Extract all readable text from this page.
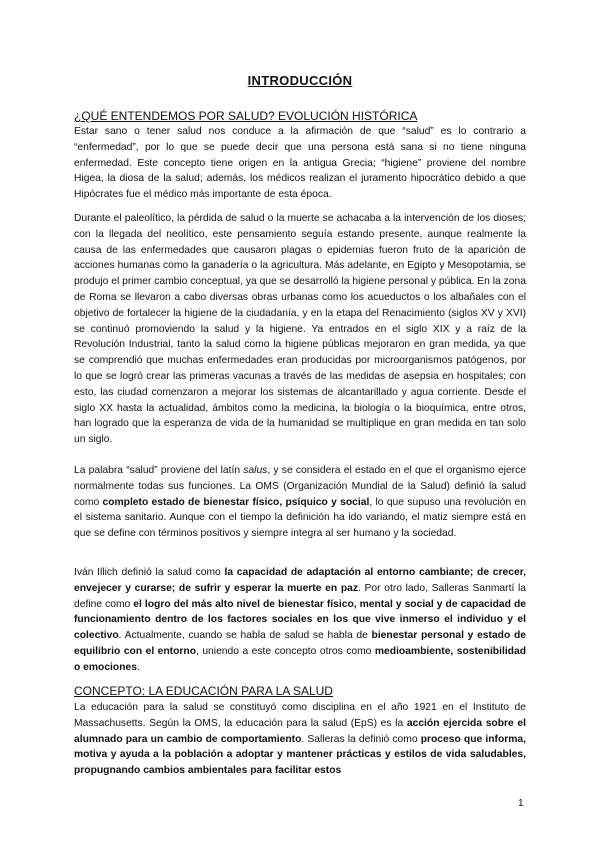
INTRODUCCIÓN
¿QUÉ ENTENDEMOS POR SALUD? EVOLUCIÓN HISTÓRICA

Estar sano o tener salud nos conduce a la afirmación de que “salud” es lo contrario a “enfermedad”, por lo que se puede decir que una persona está sana si no tiene ninguna enfermedad. Este concepto tiene origen en la antigua Grecia; “higiene” proviene del nombre Higea, la diosa de la salud; además, los médicos realizan el juramento hipocrático debido a que Hipócrates fue el médico más importante de esta época.

Durante el paleolítico, la pérdida de salud o la muerte se achacaba a la intervención de los dioses; con la llegada del neolítico, este pensamiento seguía estando presente, aunque realmente la causa de las enfermedades que causaron plagas o epidemias fueron fruto de la aparición de acciones humanas como la ganadería o la agricultura. Más adelante, en Egipto y Mesopotamia, se produjo el primer cambio conceptual, ya que se desarrolló la higiene personal y pública. En la zona de Roma se llevaron a cabo diversas obras urbanas como los acueductos o los albañales con el objetivo de fortalecer la higiene de la ciudadanía, y en la etapa del Renacimiento (siglos XV y XVI) se continuó promoviendo la salud y la higiene. Ya entrados en el siglo XIX y a raíz de la Revolución Industrial, tanto la salud como la higiene públicas mejoraron en gran medida, ya que se comprendió que muchas enfermedades eran producidas por microorganismos patógenos, por lo que se logró crear las primeras vacunas a través de las medidas de asepsia en hospitales; con esto, las ciudad comenzaron a mejorar los sistemas de alcantarillado y agua corriente. Desde el siglo XX hasta la actualidad, ámbitos como la medicina, la biología o la bioquímica, entre otros, han logrado que la esperanza de vida de la humanidad se multiplique en gran medida en tan solo un siglo.

La palabra “salud” proviene del latín salus, y se considera el estado en el que el organismo ejerce normalmente todas sus funciones. La OMS (Organización Mundial de la Salud) definió la salud como completo estado de bienestar físico, psíquico y social, lo que supuso una revolución en el sistema sanitario. Aunque con el tiempo la definición ha ido variando, el matiz siempre está en que se define con términos positivos y siempre integra al ser humano y la sociedad.

Iván Illich definió la salud como la capacidad de adaptación al entorno cambiante; de crecer, envejecer y curarse; de sufrir y esperar la muerte en paz. Por otro lado, Salleras Sanmartí la define como el logro del más alto nivel de bienestar físico, mental y social y de capacidad de funcionamiento dentro de los factores sociales en los que vive inmerso el individuo y el colectivo. Actualmente, cuando se habla de salud se habla de bienestar personal y estado de equilibrio con el entorno, uniendo a este concepto otros como medioambiente, sostenibilidad o emociones.

CONCEPTO: LA EDUCACIÓN PARA LA SALUD

La educación para la salud se constituyó como disciplina en el año 1921 en el Instituto de Massachusetts. Según la OMS, la educación para la salud (EpS) es la acción ejercida sobre el alumnado para un cambio de comportamiento. Salleras la definió como proceso que informa, motiva y ayuda a la población a adoptar y mantener prácticas y estilos de vida saludables, propugnando cambios ambientales para facilitar estos

1
